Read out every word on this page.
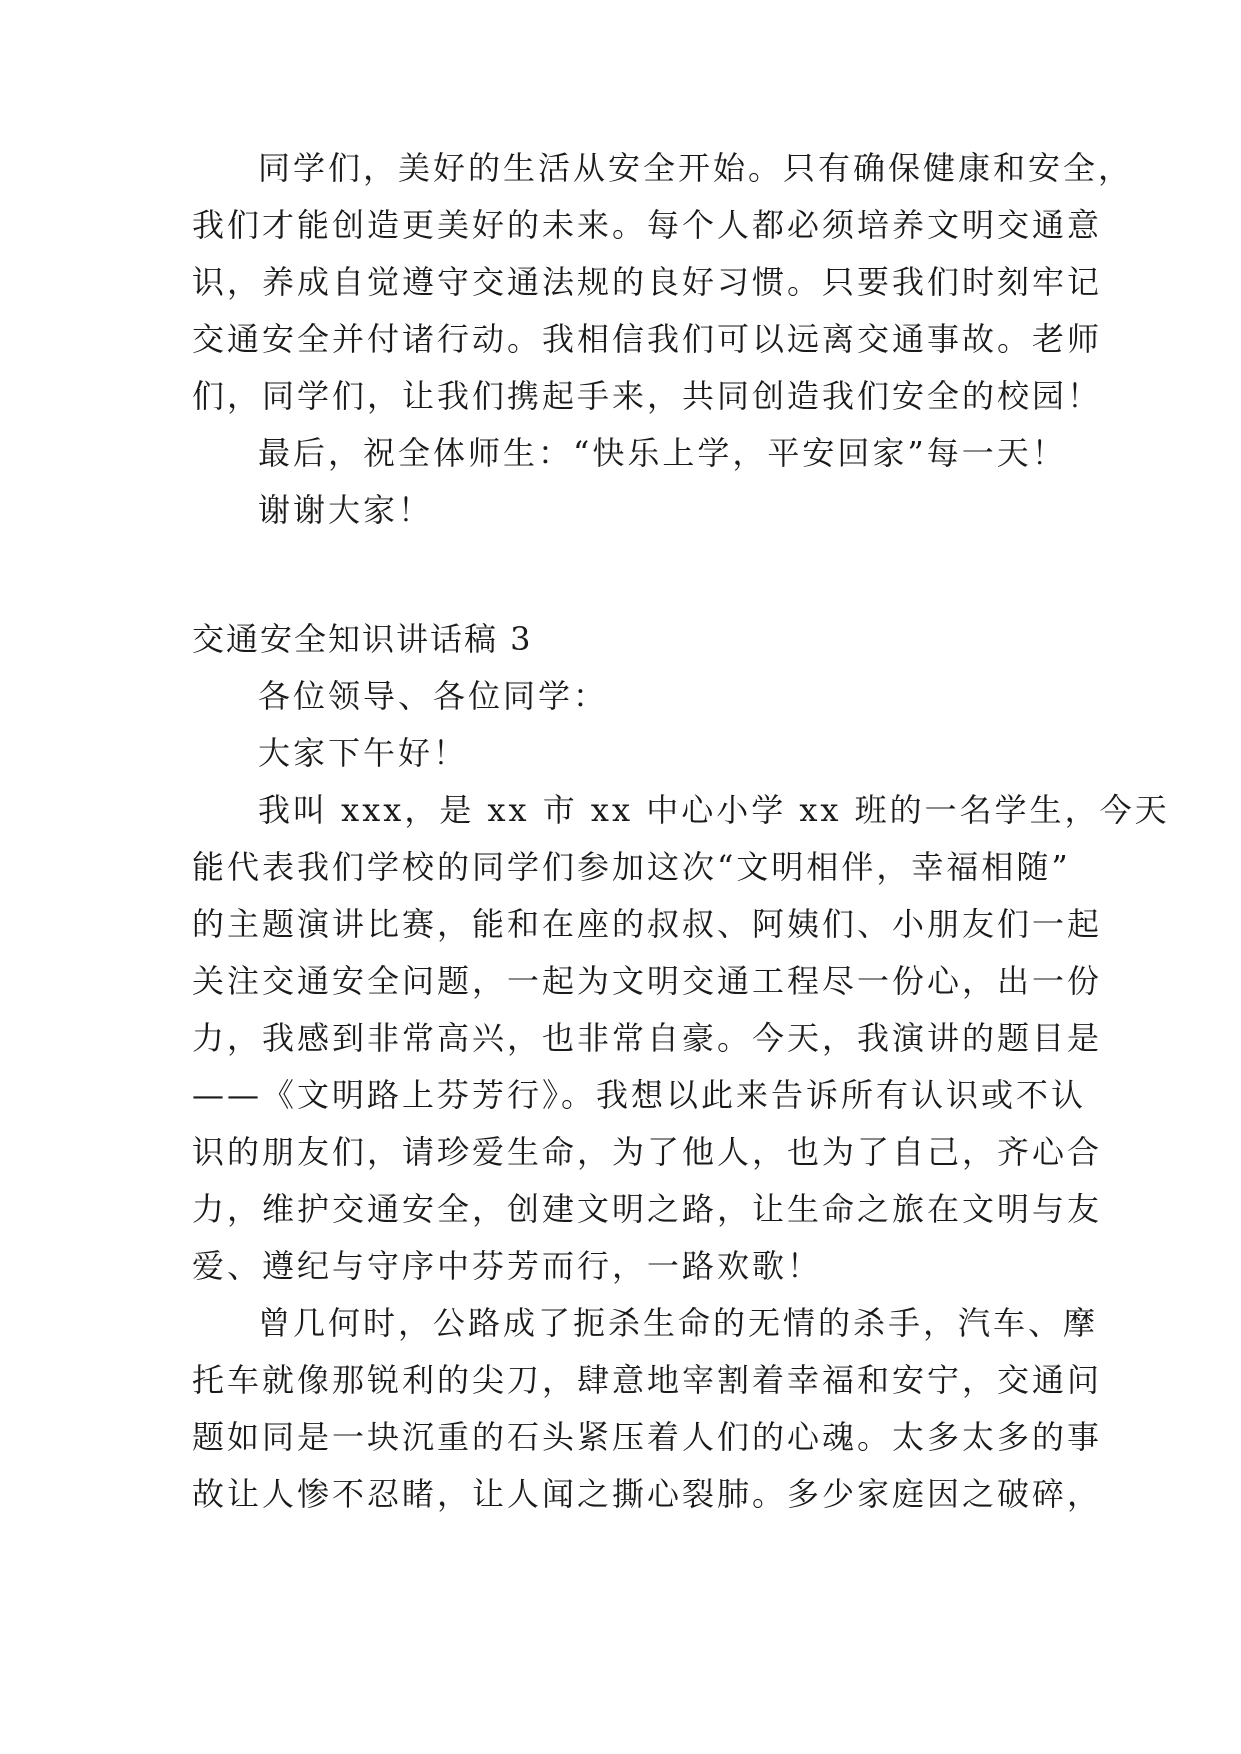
同学们，美好的生活从安全开始。只有确保健康和安全，
我们才能创造更美好的未来。每个人都必须培养文明交通意
识，养成自觉遵守交通法规的良好习惯。只要我们时刻牢记
交通安全并付诸行动。我相信我们可以远离交通事故。老师
们，同学们，让我们携起手来，共同创造我们安全的校园！
最后，祝全体师生：“快乐上学，平安回家”每一天！
谢谢大家！
交通安全知识讲话稿 3
各位领导、各位同学：
大家下午好！
我叫 xxx，是 xx 市 xx 中心小学 xx 班的一名学生，今天
能代表我们学校的同学们参加这次“文明相伴，幸福相随”
的主题演讲比赛，能和在座的叔叔、阿姨们、小朋友们一起
关注交通安全问题，一起为文明交通工程尽一份心，出一份
力，我感到非常高兴，也非常自豪。今天，我演讲的题目是
——《文明路上芬芳行》。我想以此来告诉所有认识或不认
识的朋友们，请珍爱生命，为了他人，也为了自己，齐心合
力，维护交通安全，创建文明之路，让生命之旅在文明与友
爱、遵纪与守序中芬芳而行，一路欢歌！
曾几何时，公路成了扼杀生命的无情的杀手，汽车、摩
托车就像那锐利的尖刀，肆意地宰割着幸福和安宁，交通问
题如同是一块沉重的石头紧压着人们的心魂。太多太多的事
故让人惨不忍睹，让人闻之撕心裂肺。多少家庭因之破碎，
